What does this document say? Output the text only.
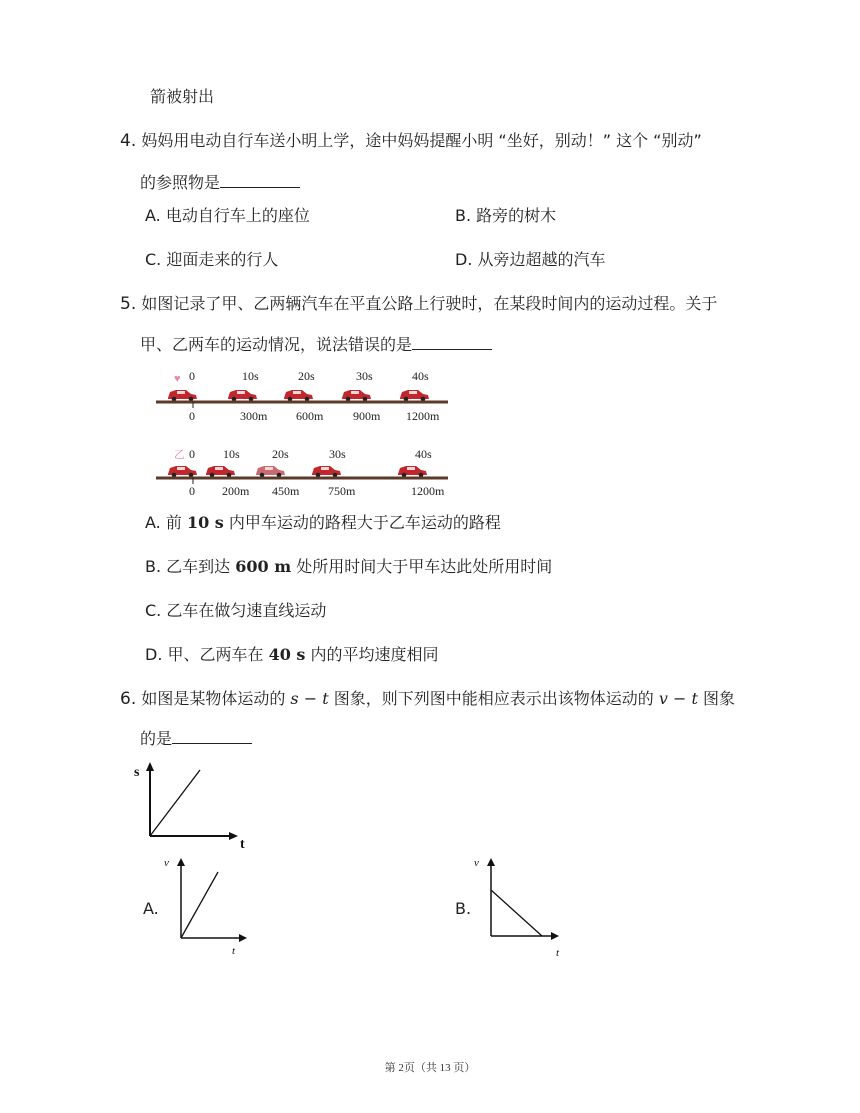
箭被射出
4. 妈妈用电动自行车送小明上学，途中妈妈提醒小明 “坐好，别动！” 这个 “别动”
的参照物是
A. 电动自行车上的座位	B. 路旁的树木
C. 迎面走来的行人	D. 从旁边超越的汽车
5. 如图记录了甲、乙两辆汽车在平直公路上行驶时，在某段时间内的运动过程。关于
甲、乙两车的运动情况，说法错误的是
♥ 0	10s	20s	30s	40s
0	300m 600m 900m 1200m
乙 0 10s	20s	30s	40s
0 200m 450m 750m	1200m
A. 前 10 s 内甲车运动的路程大于乙车运动的路程
B. 乙车到达 600 m 处所用时间大于甲车达此处所用时间
C. 乙车在做匀速直线运动
D. 甲、乙两车在 40 s 内的平均速度相同
6. 如图是某物体运动的 s − t 图象，则下列图中能相应表示出该物体运动的 v − t 图象
的是
s
t
A.
v
t
B.
v
t
第 2页（共 13 页）
